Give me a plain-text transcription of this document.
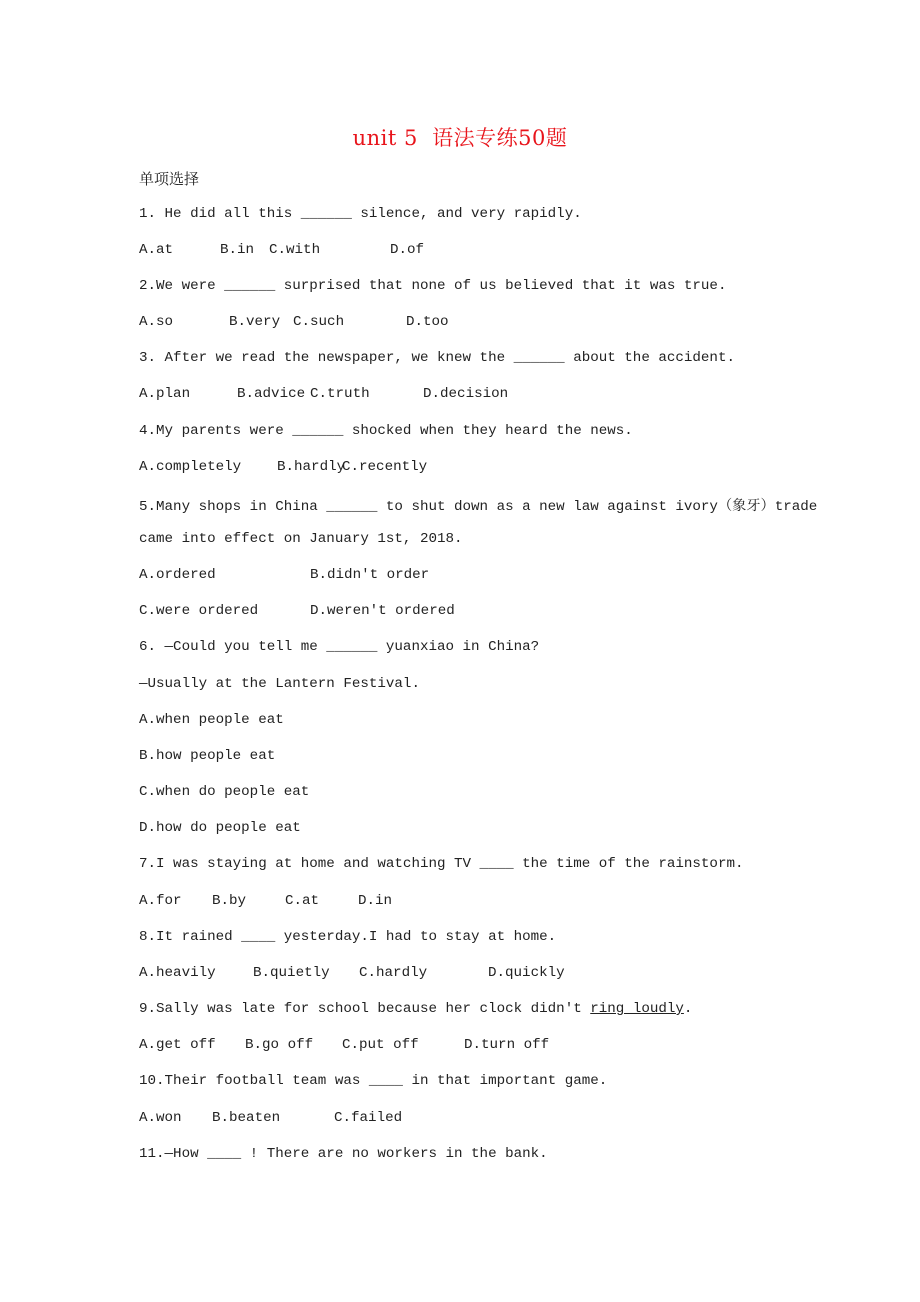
unit 5  语法专练50题
单项选择
1. He did all this ______ silence, and very rapidly.
A.at	B.in C.with	D.of
2.We were ______ surprised that none of us believed that it was true.
A.so	B.very C.such	D.too
3. After we read the newspaper, we knew the ______ about the accident.
A.plan	B.advice C.truth	D.decision
4.My parents were ______ shocked when they heard the news.
A.completely	B.hardly
C.recently
5.Many shops in China ______ to shut down as a new law against ivory（象牙）trade
came into effect on January 1st, 2018.
A.ordered	B.didn't order
C.were ordered	D.weren't ordered
6. —Could you tell me ______ yuanxiao in China?
—Usually at the Lantern Festival.
A.when people eat
B.how people eat
C.when do people eat
D.how do people eat
7.I was staying at home and watching TV ____ the time of the rainstorm.
A.for B.by	C.at	D.in
8.It rained ____ yesterday.I had to stay at home.
A.heavily	B.quietly C.hardly	D.quickly
9.Sally was late for school because her clock didn't ring loudly.
A.get off B.go off C.put off	D.turn off
10.Their football team was ____ in that important game.
A.won B.beaten	C.failed
11.—How ____ ! There are no workers in the bank.
